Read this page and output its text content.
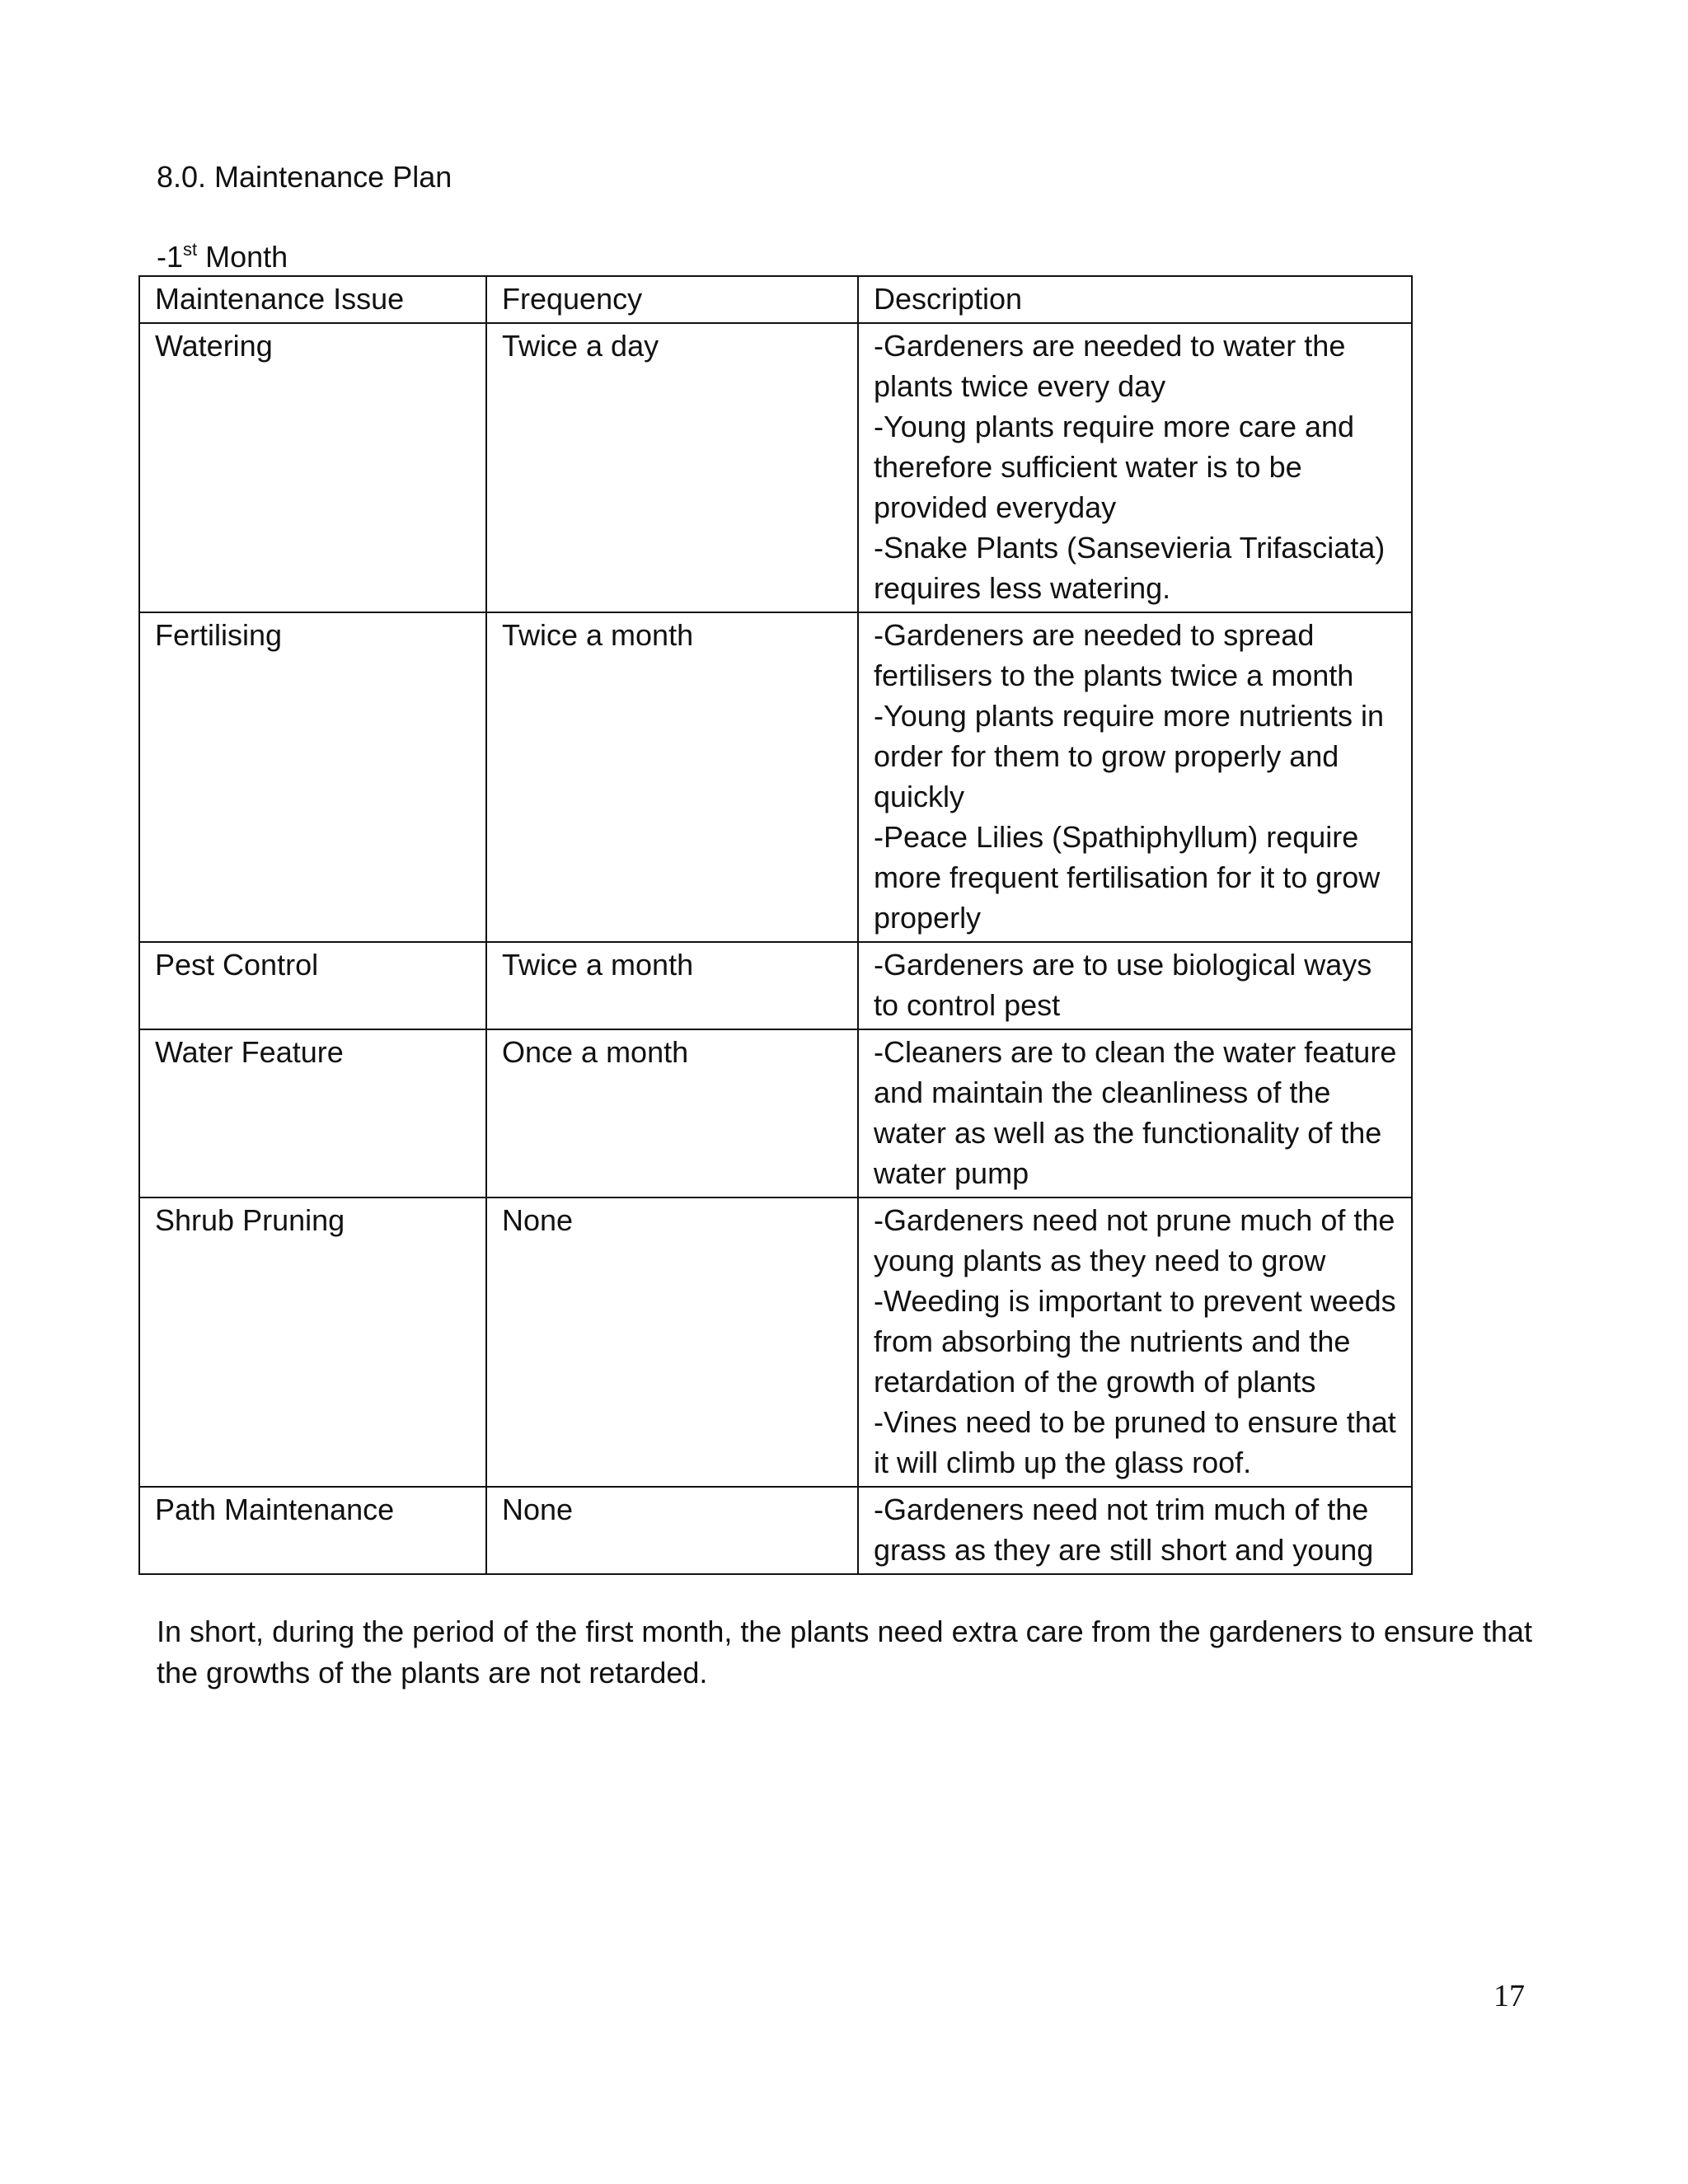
8.0. Maintenance Plan
-1st Month
Maintenance Issue	Frequency	Description
Watering	Twice a day	-Gardeners are needed to water the plants twice every day
-Young plants require more care and therefore sufficient water is to be provided everyday
-Snake Plants (Sansevieria Trifasciata) requires less watering.

Fertilising	Twice a month	-Gardeners are needed to spread fertilisers to the plants twice a month
-Young plants require more nutrients in order for them to grow properly and quickly
-Peace Lilies (Spathiphyllum) require more frequent fertilisation for it to grow properly

Pest Control	Twice a month	-Gardeners are to use biological ways to control pest

Water Feature	Once a month	-Cleaners are to clean the water feature and maintain the cleanliness of the water as well as the functionality of the water pump

Shrub Pruning	None	-Gardeners need not prune much of the young plants as they need to grow
-Weeding is important to prevent weeds from absorbing the nutrients and the retardation of the growth of plants
-Vines need to be pruned to ensure that it will climb up the glass roof.

Path Maintenance	None	-Gardeners need not trim much of the grass as they are still short and young
In short, during the period of the first month, the plants need extra care from the gardeners to ensure that the growths of the plants are not retarded.
17
